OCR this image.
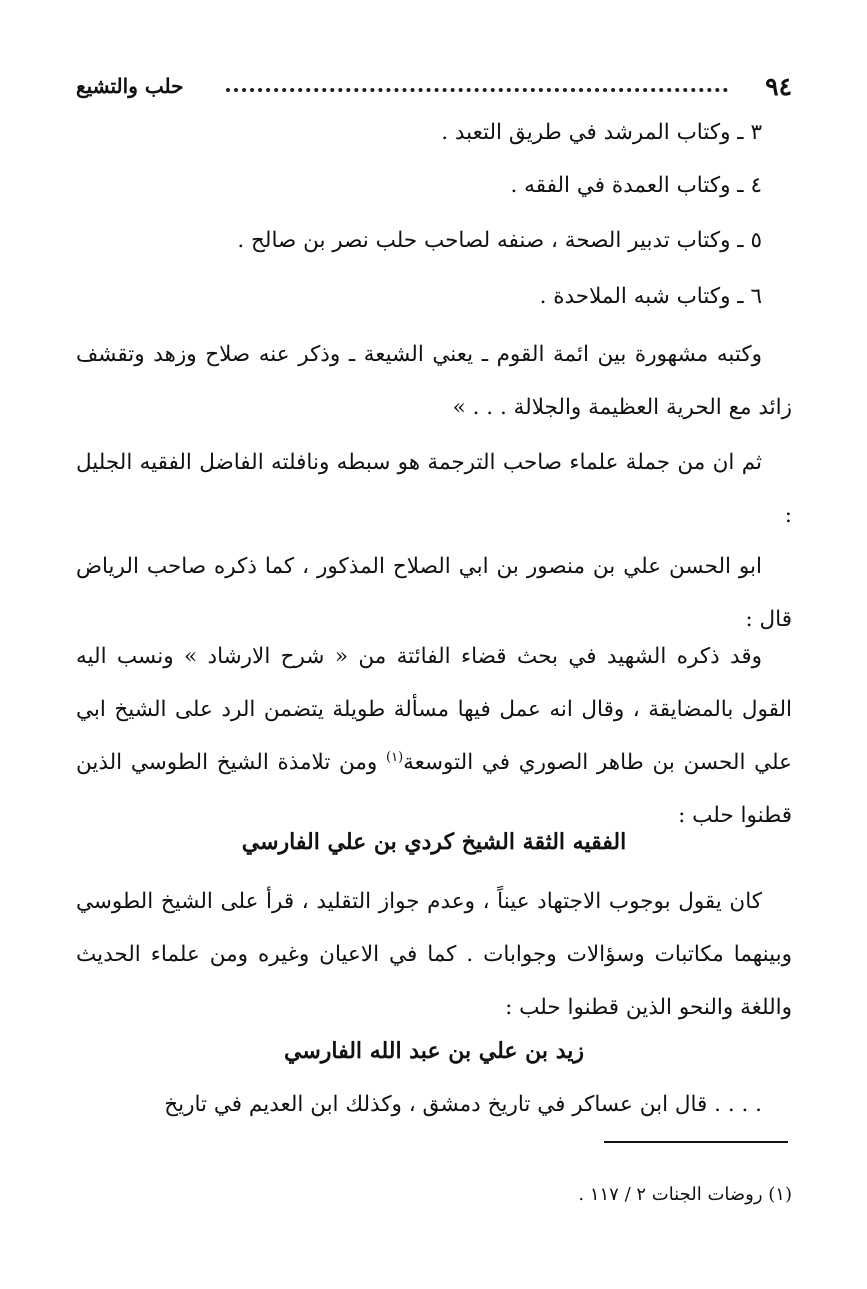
٩٤
حلب والتشيع

٣ ـ وكتاب المرشد في طريق التعبد .

٤ ـ وكتاب العمدة في الفقه .

٥ ـ وكتاب تدبير الصحة ، صنفه لصاحب حلب نصر بن صالح .

٦ ـ وكتاب شبه الملاحدة .

وكتبه مشهورة بين ائمة القوم ـ يعني الشيعة ـ وذكر عنه صلاح وزهد وتقشف زائد مع الحرية العظيمة والجلالة . . . »

ثم ان من جملة علماء صاحب الترجمة هو سبطه ونافلته الفاضل الفقيه الجليل :

ابو الحسن علي بن منصور بن ابي الصلاح المذكور ، كما ذكره صاحب الرياض قال :

وقد ذكره الشهيد في بحث قضاء الفائتة من « شرح الارشاد » ونسب اليه القول بالمضايقة ، وقال انه عمل فيها مسألة طويلة يتضمن الرد على الشيخ ابي علي الحسن بن طاهر الصوري في التوسعة$^{(١)}$ ومن تلامذة الشيخ الطوسي الذين قطنوا حلب :

الفقيه الثقة الشيخ كردي بن علي الفارسي

كان يقول بوجوب الاجتهاد عيناً ، وعدم جواز التقليد ، قرأ على الشيخ الطوسي وبينهما مكاتبات وسؤالات وجوابات . كما في الاعيان وغيره ومن علماء الحديث واللغة والنحو الذين قطنوا حلب :

زيد بن علي بن عبد الله الفارسي

. . . . قال ابن عساكر في تاريخ دمشق ، وكذلك ابن العديم في تاريخ

(١) روضات الجنات ٢ / ١١٧ .
